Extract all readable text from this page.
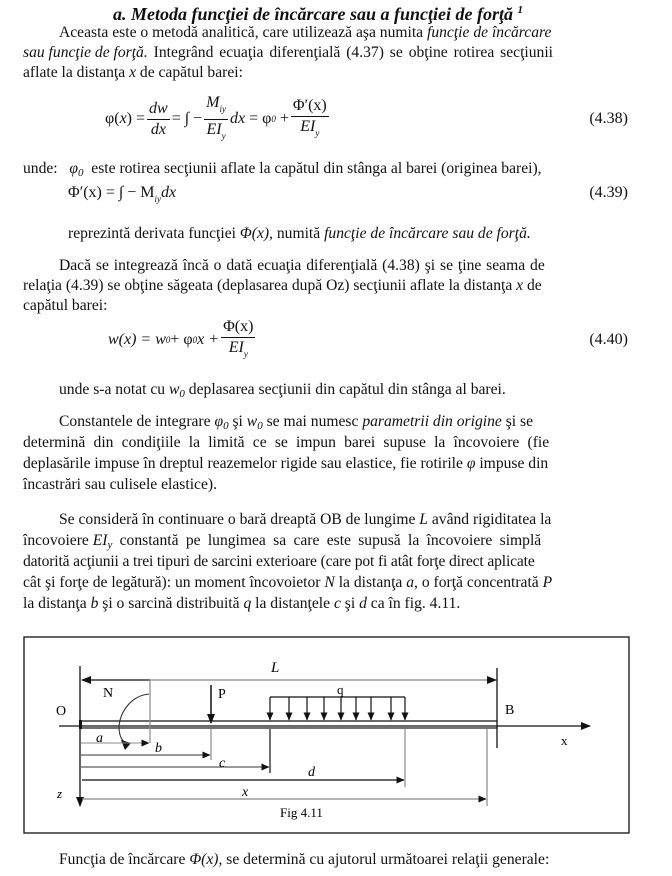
a. Metoda funcţiei de încărcare sau a funcţiei de forţă $^1$
Aceasta este o metodă analitică, care utilizează aşa numita funcţie de încărcare
sau funcţie de forţă. Integrând ecuaţia diferenţială (4.37) se obţine rotirea secţiunii
aflate la distanţa x de capătul barei:
φ( x ) = $\frac{dw}{dx}$ = ∫ − $\frac{M_{iy}}{EI_y}$ dx
= φ 0
+ $\frac{\Phi'(x)}{EI_y}$	(4.38)
unde: $\varphi_0$ este rotirea secţiunii aflate la capătul din stânga al barei (originea barei),
Φ′(x) = ∫ − $M_{iy}dx$	(4.39)
reprezintă derivata funcţiei Φ(x), numită funcţie de încărcare sau de forţă.
Dacă se integrează încă o dată ecuaţia diferenţială (4.38) şi se ţine seama de
relaţia (4.39) se obţine săgeata (deplasarea după Oz) secţiunii aflate la distanţa x de
capătul barei:
w(x) = w 0 + φ 0 $x + \frac{\Phi(x)}{EI_y}$	(4.40)
unde s-a notat cu w0 deplasarea secţiunii din capătul din stânga al barei.
Constantele de integrare φ0 şi w0 se mai numesc parametrii din origine şi se
determină din condiţiile la limită ce se impun barei supuse la încovoiere (fie
deplasările impuse în dreptul reazemelor rigide sau elastice, fie rotirile φ impuse din
încastrări sau culisele elastice).
Se consideră în continuare o bară dreaptă OB de lungime L având rigiditatea la
încovoiere EIy constantă pe lungimea sa care este supusă la încovoiere simplă
datorită acţiunii a trei tipuri de sarcini exterioare (care pot fi atât forţe direct aplicate
cât şi forţe de legătură): un moment încovoietor N la distanţa a, o forţă concentrată P
la distanţa b şi o sarcină distribuită q la distanţele c şi d ca în fig. 4.11.
L
N	P	q
O	B
x
z
a
b
c
d
x
Fig 4.11
Funcţia de încărcare Φ(x), se determină cu ajutorul următoarei relaţii generale:
